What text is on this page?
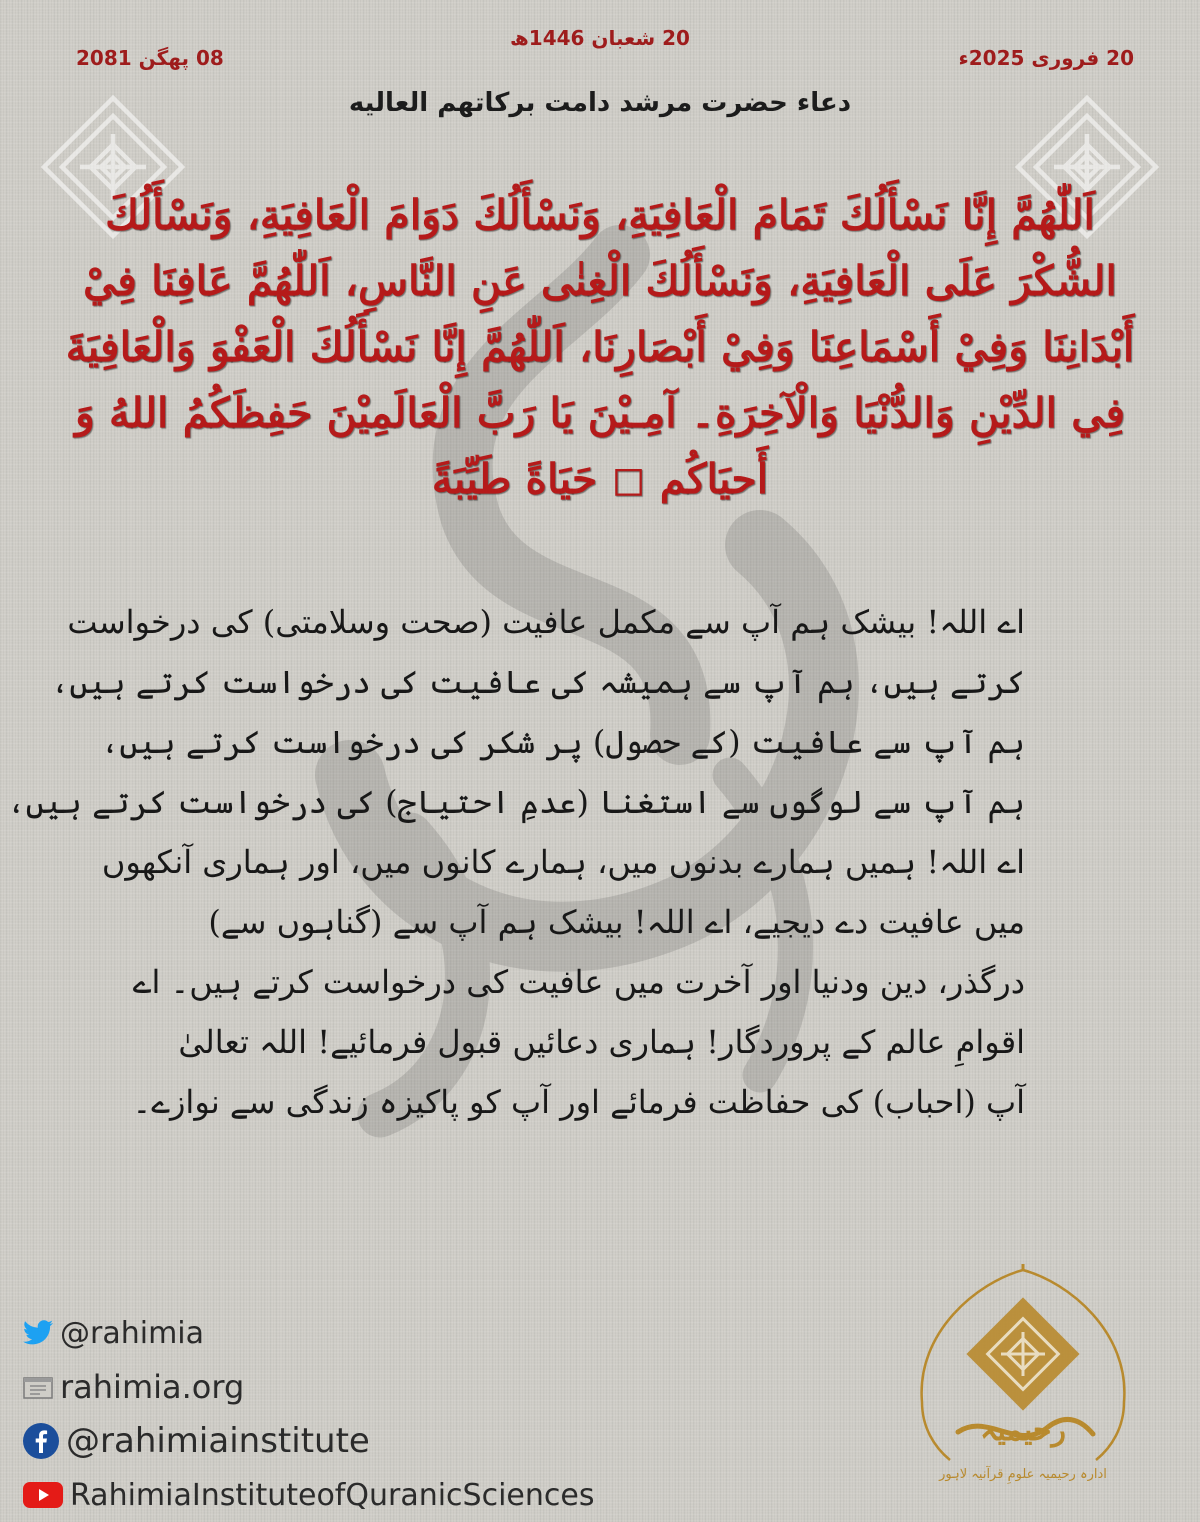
20 شعبان 1446ھ
20 فروری 2025ء
08 پھگن 2081
دعاء حضرت مرشد دامت برکاتهم العاليه
اَللّٰهُمَّ إِنَّا نَسْأَلُكَ تَمَامَ الْعَافِيَةِ، وَنَسْأَلُكَ دَوَامَ الْعَافِيَةِ، وَنَسْأَلُكَ الشُّكْرَ عَلَى الْعَافِيَةِ، وَنَسْأَلُكَ الْغِنٰى عَنِ النَّاسِ، اَللّٰهُمَّ عَافِنَا فِيْ أَبْدَانِنَا وَفِيْ أَسْمَاعِنَا وَفِيْ أَبْصَارِنَا، اَللّٰهُمَّ إِنَّا نَسْأَلُكَ الْعَفْوَ وَالْعَافِيَةَ فِي الدِّيْنِ وَالدُّنْيَا وَالْآخِرَةِ۔ آمِـيْنَ يَا رَبَّ الْعَالَمِيْنَ حَفِظَكُمُ اللهُ وَ أَحيَاكُم ◻ حَيَاةً طَيِّبَةً
اے اللہ! بیشک ہم آپ سے مکمل عافیت (صحت وسلامتی) کی درخواست
کرتے ہیں، ہم آپ سے ہمیشہ کی عافیت کی درخواست کرتے ہیں،
ہم آپ سے عافیت (کے حصول) پر شکر کی درخواست کرتے ہیں،
ہم آپ سے لوگوں سے استغنا (عدمِ احتیاج) کی درخواست کرتے ہیں،
اے اللہ! ہمیں ہمارے بدنوں میں، ہمارے کانوں میں، اور ہماری آنکھوں
میں عافیت دے دیجیے، اے اللہ! بیشک ہم آپ سے (گناہوں سے)
درگذر، دین ودنیا اور آخرت میں عافیت کی درخواست کرتے ہیں۔ اے
اقوامِ عالم کے پروردگار! ہماری دعائیں قبول فرمائیے! اللہ تعالیٰ
آپ (احباب) کی حفاظت فرمائے اور آپ کو پاکیزہ زندگی سے نوازے۔
@rahimia
rahimia.org
@rahimiainstitute
RahimiaInstituteofQuranicSciences
رحیمیہ
ادارہ رحیمیہ علومِ قرآنیہ لاہور
